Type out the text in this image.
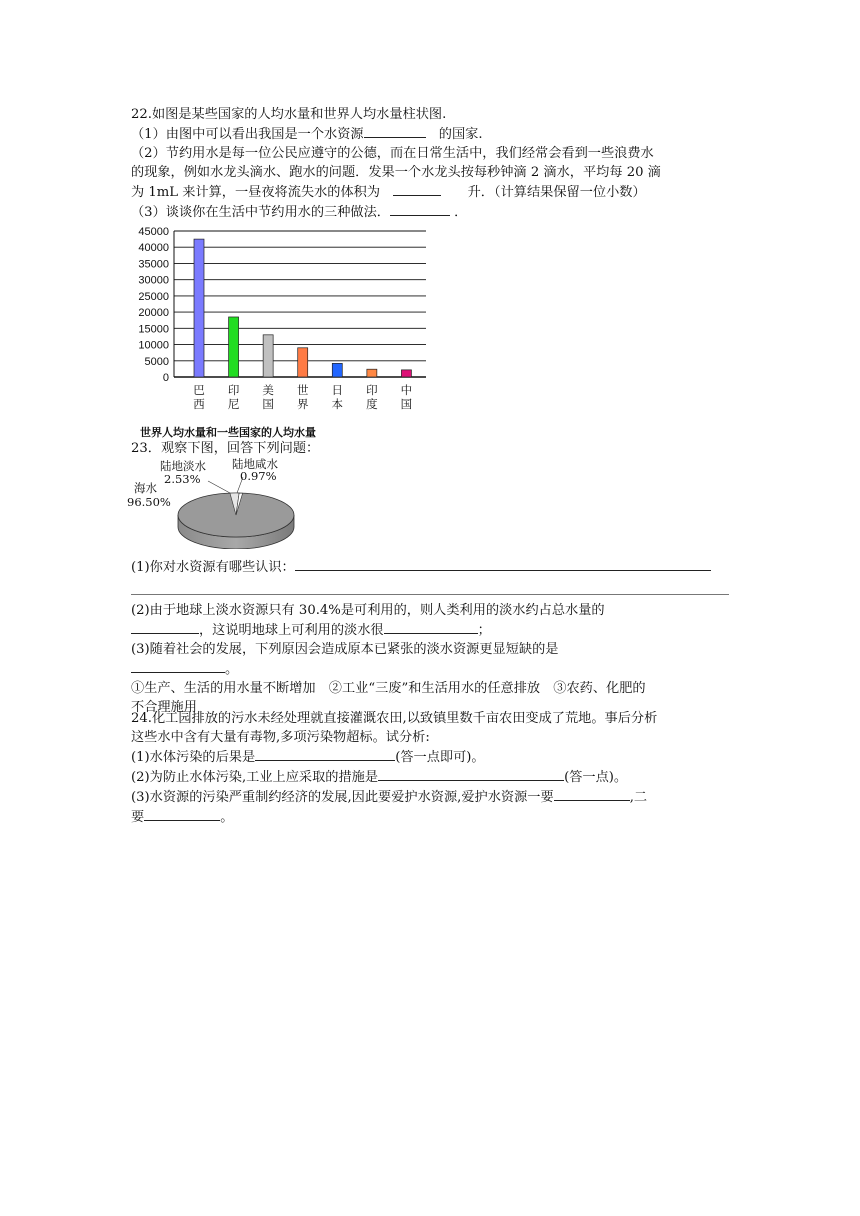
22.如图是某些国家的人均水量和世界人均水量柱状图.
（1）由图中可以看出我国是一个水资源　	的国家.
（2）节约用水是每一位公民应遵守的公德，而在日常生活中，我们经常会看到一些浪费水
的现象，例如水龙头滴水、跑水的问题．发果一个水龙头按每秒钟滴 2 滴水，平均每 20 滴
为 1mL 来计算，一昼夜将流失水的体积为　　　	升．（计算结果保留一位小数）
（3）谈谈你在生活中节约用水的三种做法．	．
0
5000
10000
15000
20000
25000
30000
35000
40000
45000
巴西
印尼
美国
世界
日本
印度
中国
世界人均水量和一些国家的人均水量
23．观察下图，回答下列问题：
陆地淡水
2.53%
陆地咸水
0.97%
海水
96.50%
(1)你对水资源有哪些认识：
(2)由于地球上淡水资源只有 30.4%是可利用的，则人类利用的淡水约占总水量的
，这说明地球上可利用的淡水很	；
(3)随着社会的发展，下列原因会造成原本已紧张的淡水资源更显短缺的是
。
①生产、生活的用水量不断增加　②工业“三废”和生活用水的任意排放　③农药、化肥的
不合理施用
24.化工园排放的污水未经处理就直接灌溉农田,以致镇里数千亩农田变成了荒地。事后分析
这些水中含有大量有毒物,多项污染物超标。试分析:
(1)水体污染的后果是	(答一点即可)。
(2)为防止水体污染,工业上应采取的措施是	(答一点)。
(3)水资源的污染严重制约经济的发展,因此要爱护水资源,爱护水资源一要	,二
要	。
